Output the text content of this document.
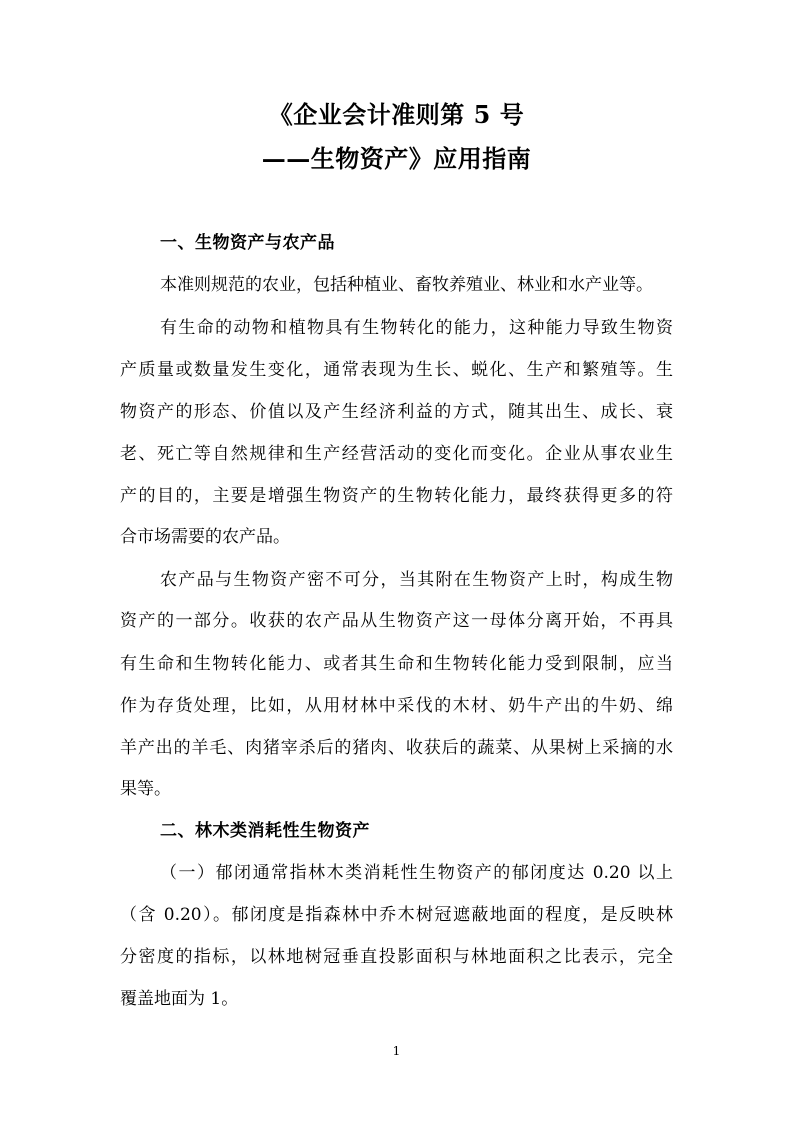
《企业会计准则第 5 号
——生物资产》应用指南
一、生物资产与农产品
本准则规范的农业，包括种植业、畜牧养殖业、林业和水产业等。
有生命的动物和植物具有生物转化的能力，这种能力导致生物资
产质量或数量发生变化，通常表现为生长、蜕化、生产和繁殖等。生
物资产的形态、价值以及产生经济利益的方式，随其出生、成长、衰
老、死亡等自然规律和生产经营活动的变化而变化。企业从事农业生
产的目的，主要是增强生物资产的生物转化能力，最终获得更多的符
合市场需要的农产品。
农产品与生物资产密不可分，当其附在生物资产上时，构成生物
资产的一部分。收获的农产品从生物资产这一母体分离开始，不再具
有生命和生物转化能力、或者其生命和生物转化能力受到限制，应当
作为存货处理，比如，从用材林中采伐的木材、奶牛产出的牛奶、绵
羊产出的羊毛、肉猪宰杀后的猪肉、收获后的蔬菜、从果树上采摘的水
果等。
二、林木类消耗性生物资产
（一）郁闭通常指林木类消耗性生物资产的郁闭度达 0.20 以上
（含 0.20）。郁闭度是指森林中乔木树冠遮蔽地面的程度，是反映林
分密度的指标，以林地树冠垂直投影面积与林地面积之比表示，完全
覆盖地面为 1。
1
